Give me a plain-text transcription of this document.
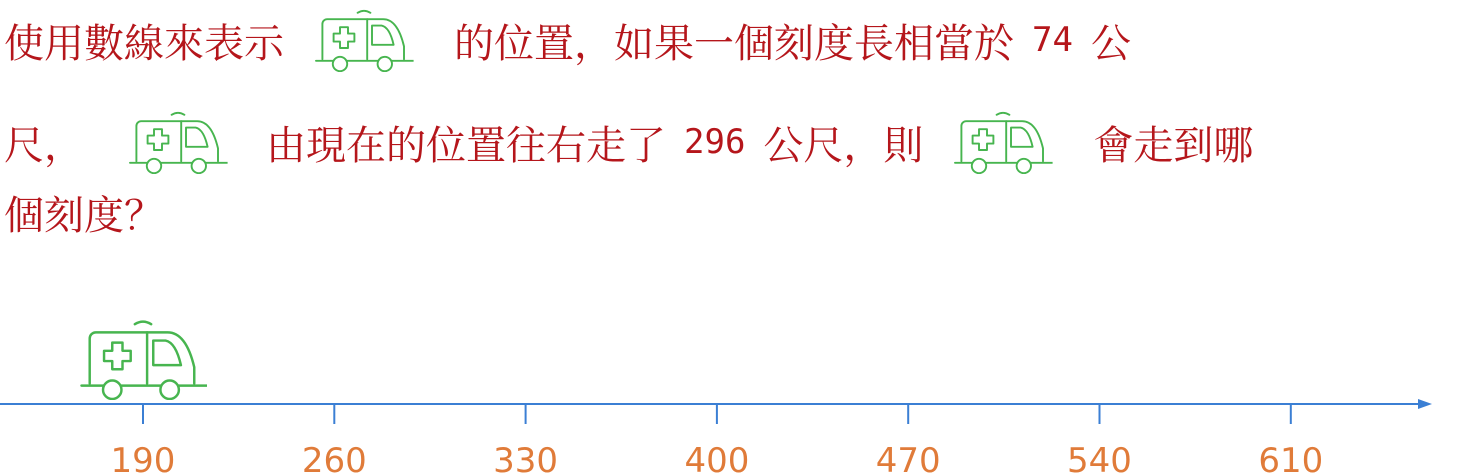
使用數線來表示	的位置，如果一個刻度長相當於 74 公
尺，	由現在的位置往右走了 296 公尺，則	會走到哪
個刻度？
190	260	330	400	470	540	610
